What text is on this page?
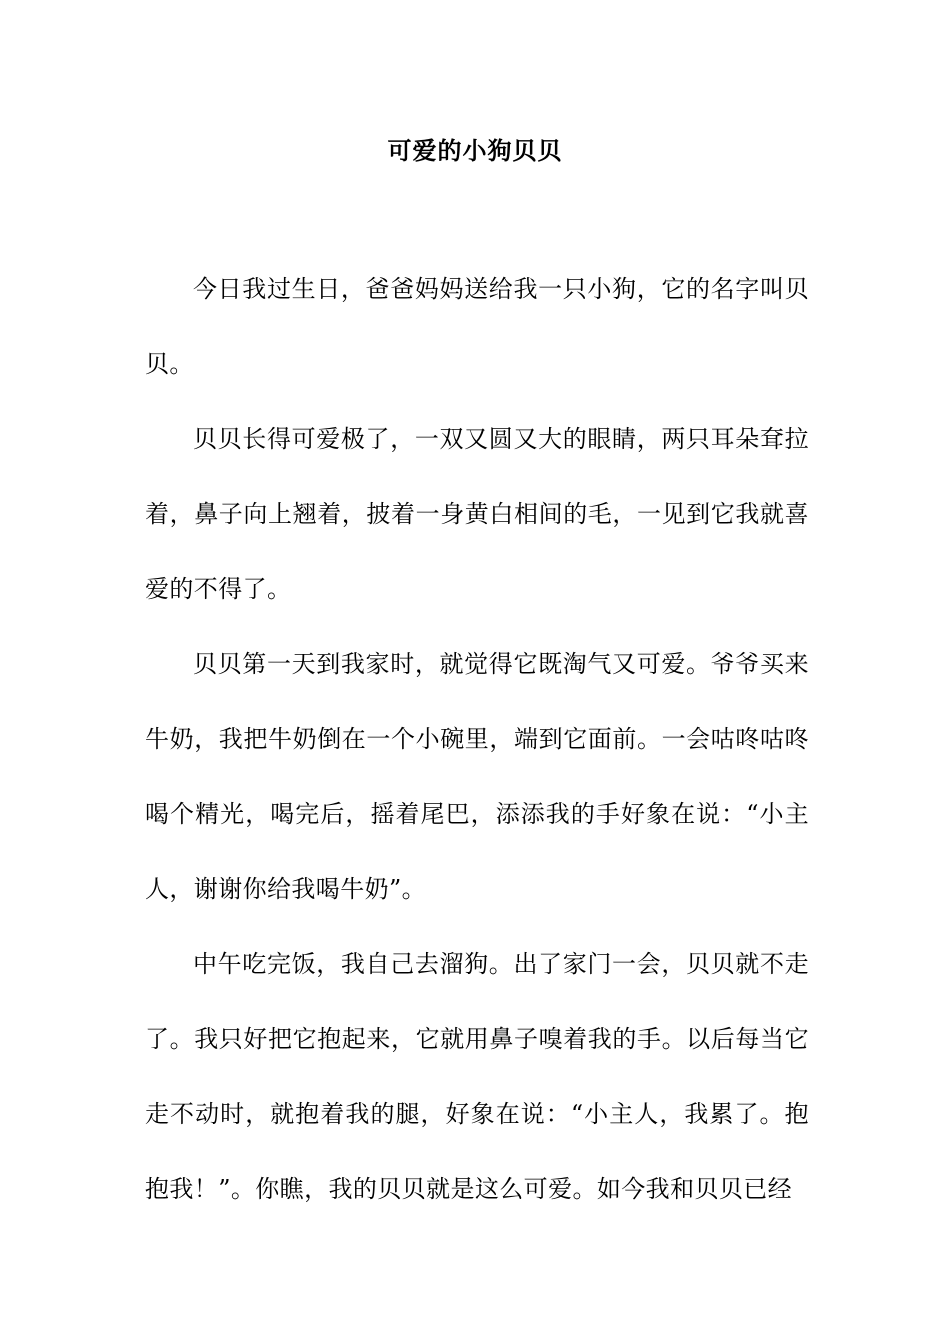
可爱的小狗贝贝

今日我过生日，爸爸妈妈送给我一只小狗，它的名字叫贝贝。

贝贝长得可爱极了，一双又圆又大的眼睛，两只耳朵耷拉着，鼻子向上翘着，披着一身黄白相间的毛，一见到它我就喜爱的不得了。

贝贝第一天到我家时，就觉得它既淘气又可爱。爷爷买来牛奶，我把牛奶倒在一个小碗里，端到它面前。一会咕咚咕咚喝个精光，喝完后，摇着尾巴，添添我的手好象在说：“小主人，谢谢你给我喝牛奶”。

中午吃完饭，我自己去溜狗。出了家门一会，贝贝就不走了。我只好把它抱起来，它就用鼻子嗅着我的手。以后每当它走不动时，就抱着我的腿，好象在说：“小主人，我累了。抱抱我！”。你瞧，我的贝贝就是这么可爱。如今我和贝贝已经
